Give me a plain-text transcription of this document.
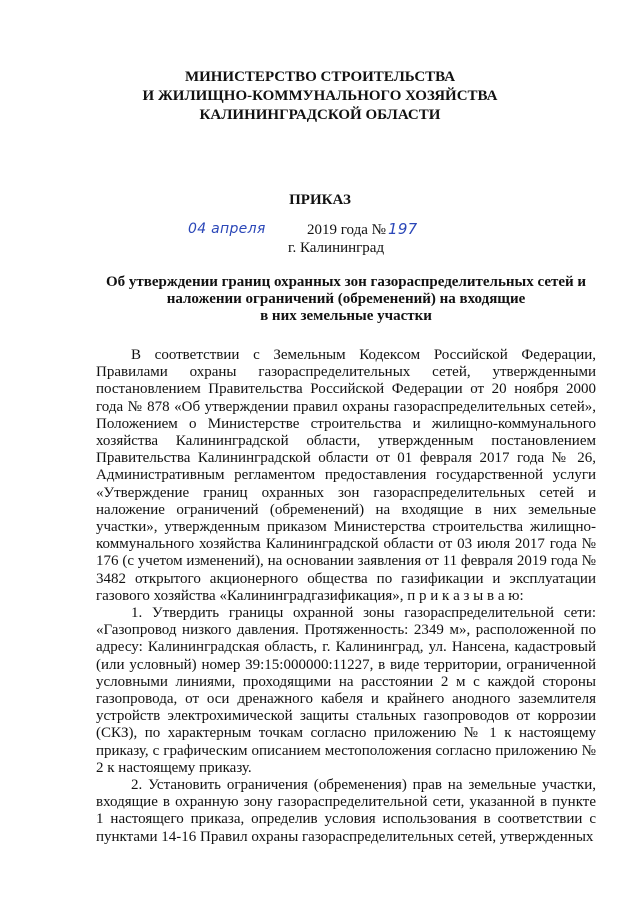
МИНИСТЕРСТВО СТРОИТЕЛЬСТВА
И ЖИЛИЩНО-КОММУНАЛЬНОГО ХОЗЯЙСТВА
КАЛИНИНГРАДСКОЙ ОБЛАСТИ
ПРИКАЗ
04 апреля	2019 года № 197
г. Калининград
Об утверждении границ охранных зон газораспределительных сетей и
наложении ограничений (обременений) на входящие
в них земельные участки

В соответствии с Земельным Кодексом Российской Федерации, Правилами охраны газораспределительных сетей, утвержденными постановлением Правительства Российской Федерации от 20 ноября 2000 года № 878 «Об утверждении правил охраны газораспределительных сетей», Положением о Министерстве строительства и жилищно-коммунального хозяйства Калининградской области, утвержденным постановлением Правительства Калининградской области от 01 февраля 2017 года № 26, Административным регламентом предоставления государственной услуги «Утверждение границ охранных зон газораспределительных сетей и наложение ограничений (обременений) на входящие в них земельные участки», утвержденным приказом Министерства строительства жилищно-коммунального хозяйства Калининградской области от 03 июля 2017 года № 176 (с учетом изменений), на основании заявления от 11 февраля 2019 года № 3482 открытого акционерного общества по газификации и эксплуатации газового хозяйства «Калининградгазификация», п р и к а з ы в а ю:

1. Утвердить границы охранной зоны газораспределительной сети: «Газопровод низкого давления. Протяженность: 2349 м», расположенной по адресу: Калининградская область, г. Калининград, ул. Нансена, кадастровый (или условный) номер 39:15:000000:11227, в виде территории, ограниченной условными линиями, проходящими на расстоянии 2 м с каждой стороны газопровода, от оси дренажного кабеля и крайнего анодного заземлителя устройств электрохимической защиты стальных газопроводов от коррозии (СКЗ), по характерным точкам согласно приложению № 1 к настоящему приказу, с графическим описанием местоположения согласно приложению № 2 к настоящему приказу.

2. Установить ограничения (обременения) прав на земельные участки, входящие в охранную зону газораспределительной сети, указанной в пункте 1 настоящего приказа, определив условия использования в соответствии с пунктами 14-16 Правил охраны газораспределительных сетей, утвержденных
